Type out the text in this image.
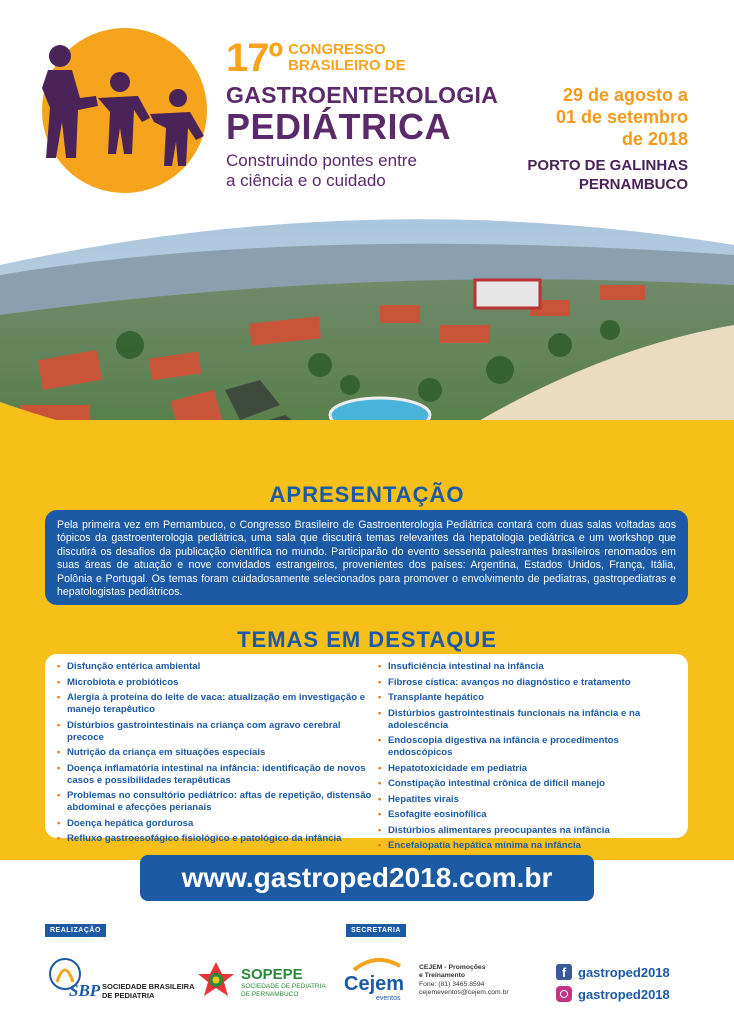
17º CONGRESSO
BRASILEIRO DE
GASTROENTEROLOGIA
PEDIÁTRICA
Construindo pontes entre
a ciência e o cuidado
29 de agosto a
01 de setembro
de 2018
PORTO DE GALINHAS
PERNAMBUCO
APRESENTAÇÃO
Pela primeira vez em Pernambuco, o Congresso Brasileiro de Gastroenterologia Pediátrica contará com duas salas voltadas aos tópicos da gastroenterologia pediátrica, uma sala que discutirá temas relevantes da hepatologia pediátrica e um workshop que discutirá os desafios da publicação científica no mundo. Participarão do evento sessenta palestrantes brasileiros renomados em suas áreas de atuação e nove convidados estrangeiros, provenientes dos países: Argentina, Estados Unidos, França, Itália, Polônia e Portugal. Os temas foram cuidadosamente selecionados para promover o envolvimento de pediatras, gastropediatras e hepatologistas pediátricos.
TEMAS EM DESTAQUE
• Disfunção entérica ambiental
• Microbiota e probióticos
• Alergia à proteína do leite de vaca: atualização em investigação e manejo terapêutico
• Distúrbios gastrointestinais na criança com agravo cerebral precoce
• Nutrição da criança em situações especiais
• Doença inflamatória intestinal na infância: identificação de novos casos e possibilidades terapêuticas
• Problemas no consultório pediátrico: aftas de repetição, distensão abdominal e afecções perianais
• Doença hepática gordurosa
• Refluxo gastroesofágico fisiológico e patológico da infância
• Insuficiência intestinal na infância
• Fibrose cística: avanços no diagnóstico e tratamento
• Transplante hepático
• Distúrbios gastrointestinais funcionais na infância e na adolescência
• Endoscopia digestiva na infância e procedimentos endoscópicos
• Hepatotoxicidade em pediatria
• Constipação intestinal crônica de difícil manejo
• Hepatites virais
• Esofagite eosinofílica
• Distúrbios alimentares preocupantes na infância
• Encefalopatia hepática mínima na infância
www.gastroped2018.com.br
REALIZAÇÃO	SECRETARIA
SBP SOCIEDADE BRASILEIRA
DE PEDIATRIA
SOPEPE
SOCIEDADE DE PEDIATRIA
DE PERNAMBUCO	Cejem
eventos
CEJEM - Promoções
e Treinamento
Fone: (81) 3465.8594
cejemeventos@cejem.com.br
f gastroped2018
gastroped2018
